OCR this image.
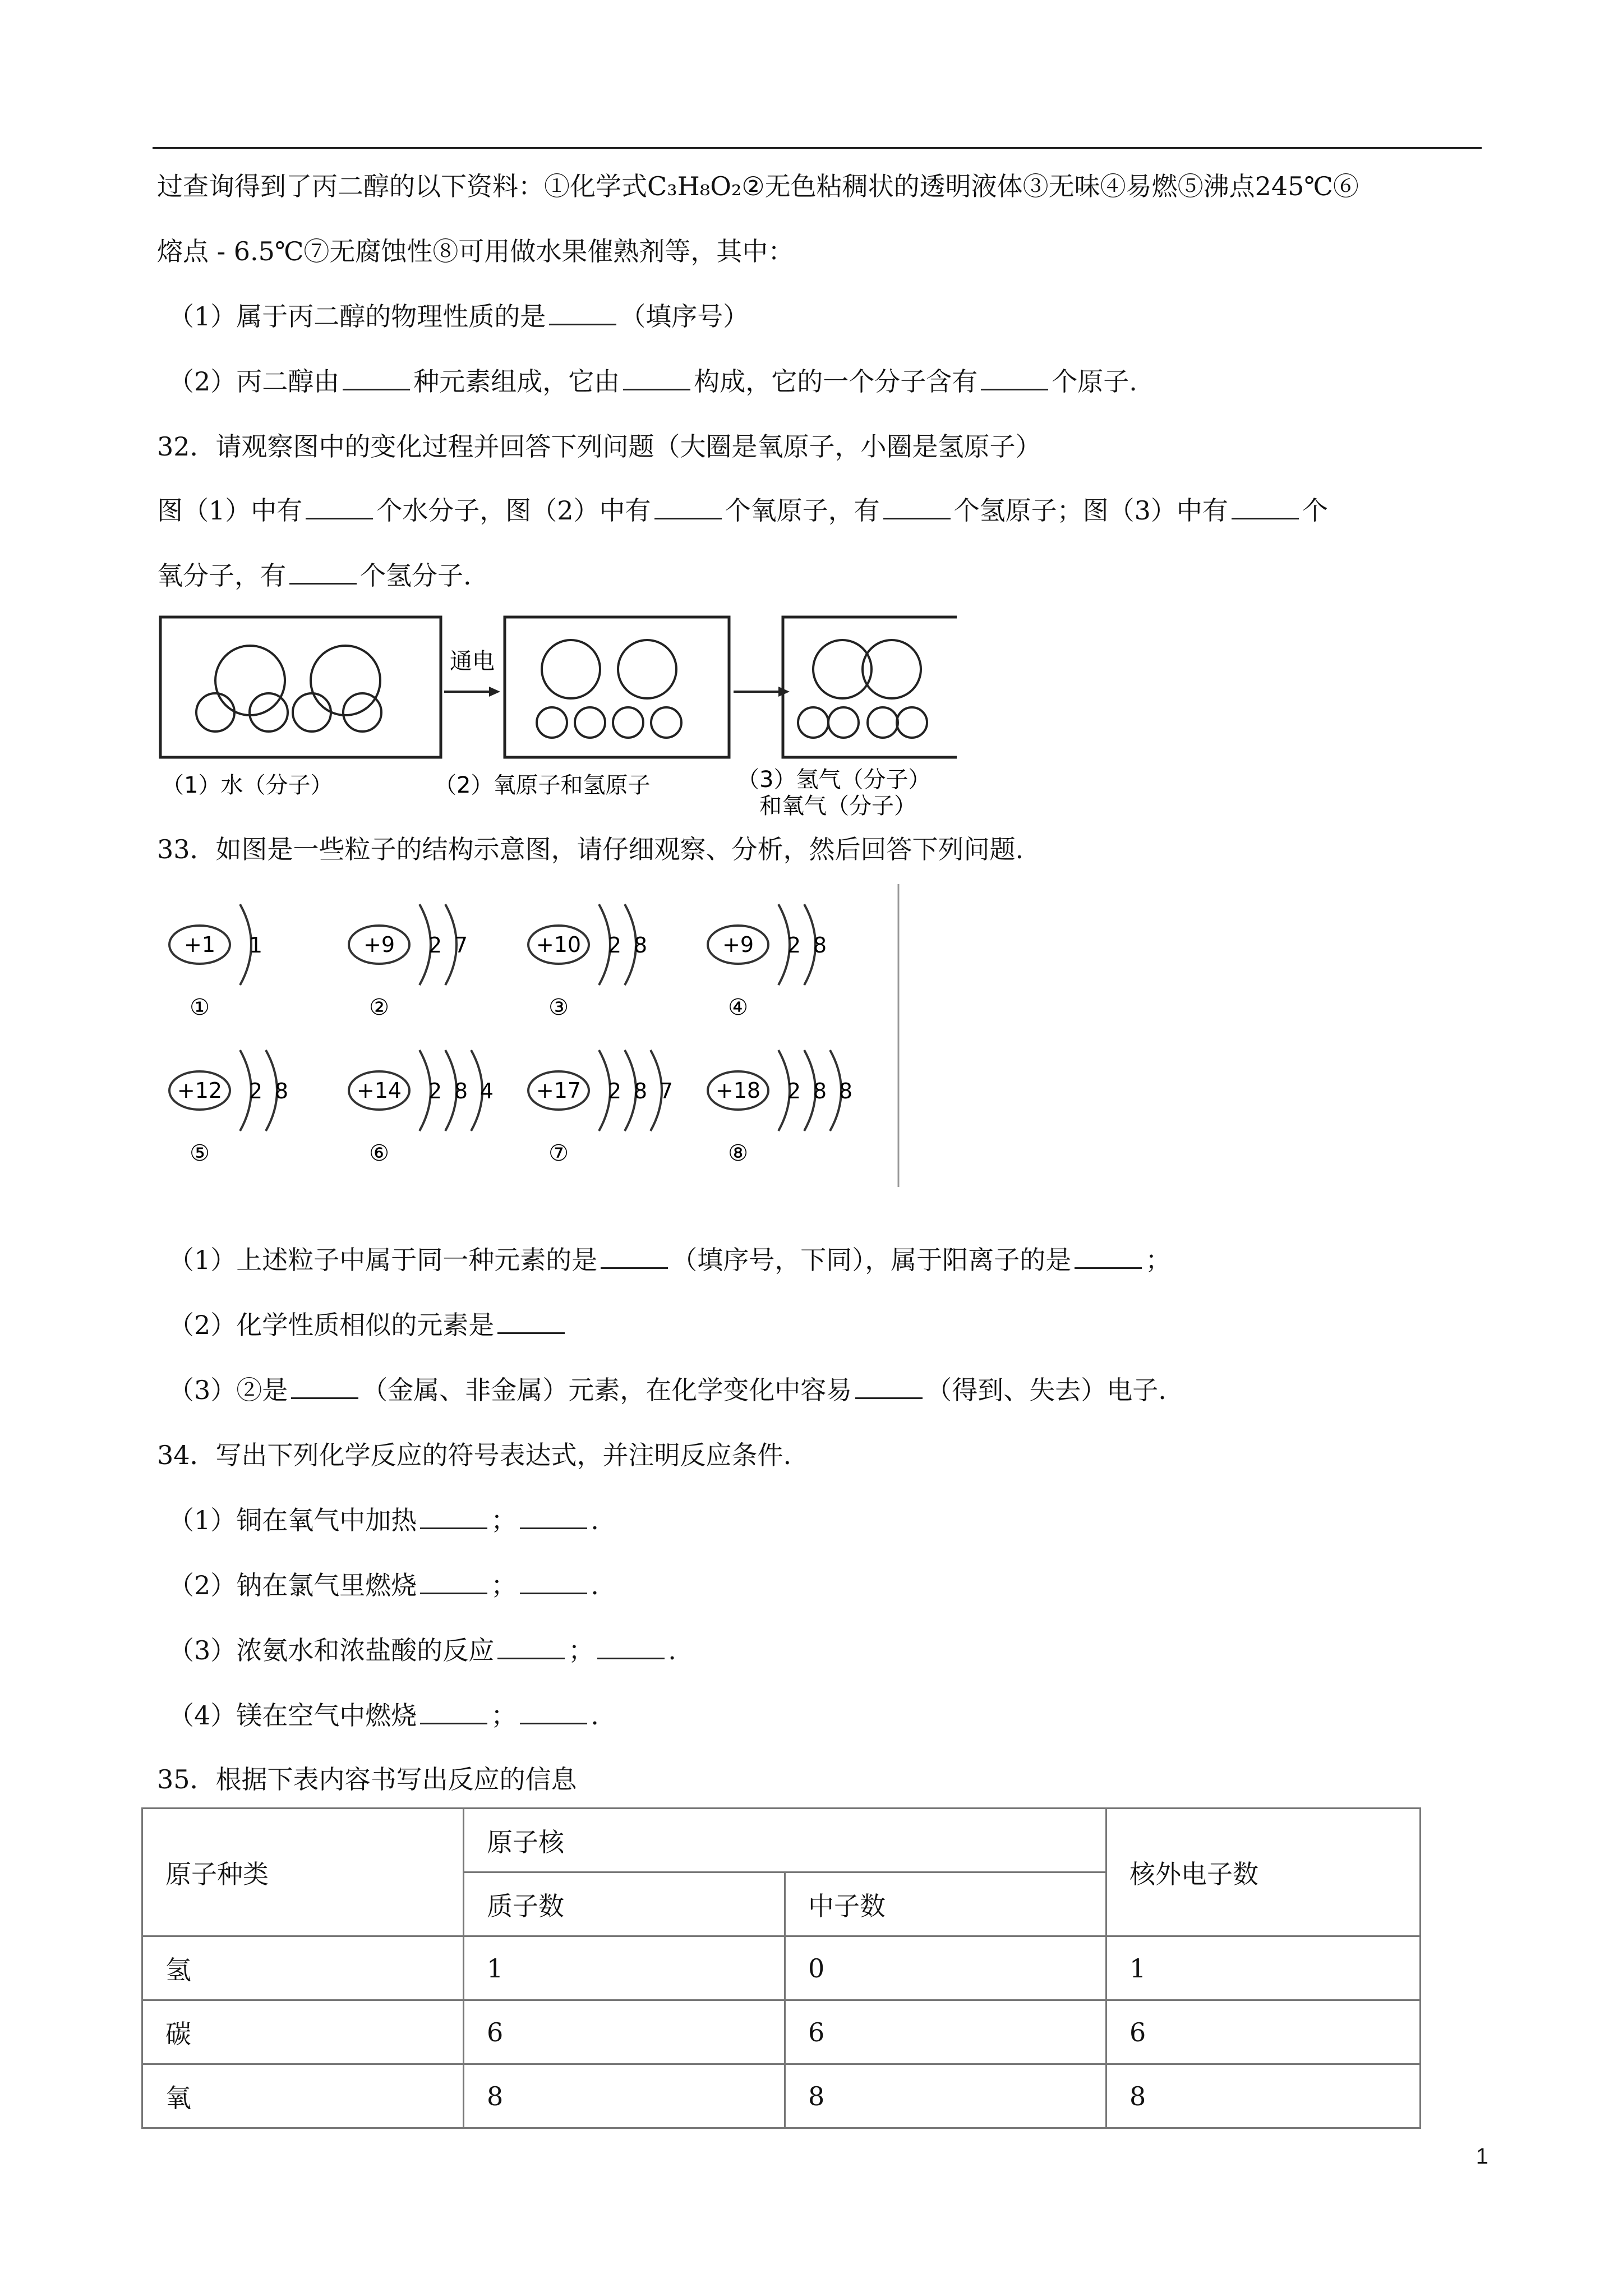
过查询得到了丙二醇的以下资料：①化学式C₃H₈O₂②无色粘稠状的透明液体③无味④易燃⑤沸点245℃⑥
熔点 - 6.5℃⑦无腐蚀性⑧可用做水果催熟剂等，其中：
（1）属于丙二醇的物理性质的是	（填序号）
（2）丙二醇由	种元素组成，它由	构成，它的一个分子含有	个原子.
32．请观察图中的变化过程并回答下列问题（大圈是氧原子，小圈是氢原子）
图（1）中有	个水分子，图（2）中有	个氧原子，有	个氢原子；图（3）中有	个
氧分子，有	个氢分子.
通电
（1）水（分子）	（2）氧原子和氢原子	（3）氢气（分子）
和氧气（分子）
33．如图是一些粒子的结构示意图，请仔细观察、分析，然后回答下列问题.
+1 1
①
+9 2 7
②
+10 2 8
③
+9 2 8
④
+12 2 8
⑤
+14 2 8 4
⑥
+17 2 8 7
⑦
+18 2 8 8
⑧
（1）上述粒子中属于同一种元素的是	（填序号，下同），属于阳离子的是	；
（2）化学性质相似的元素是
（3）②是	（金属、非金属）元素，在化学变化中容易	（得到、失去）电子.
34．写出下列化学反应的符号表达式，并注明反应条件.
（1）铜在氧气中加热	；	.
（2）钠在氯气里燃烧	；	.
（3）浓氨水和浓盐酸的反应	；	.
（4）镁在空气中燃烧	；	.
35．根据下表内容书写出反应的信息
原子种类	原子核		核外电子数
	质子数	中子数	
氢	1	0	1
碳	6	6	6
氧	8	8	8
1
